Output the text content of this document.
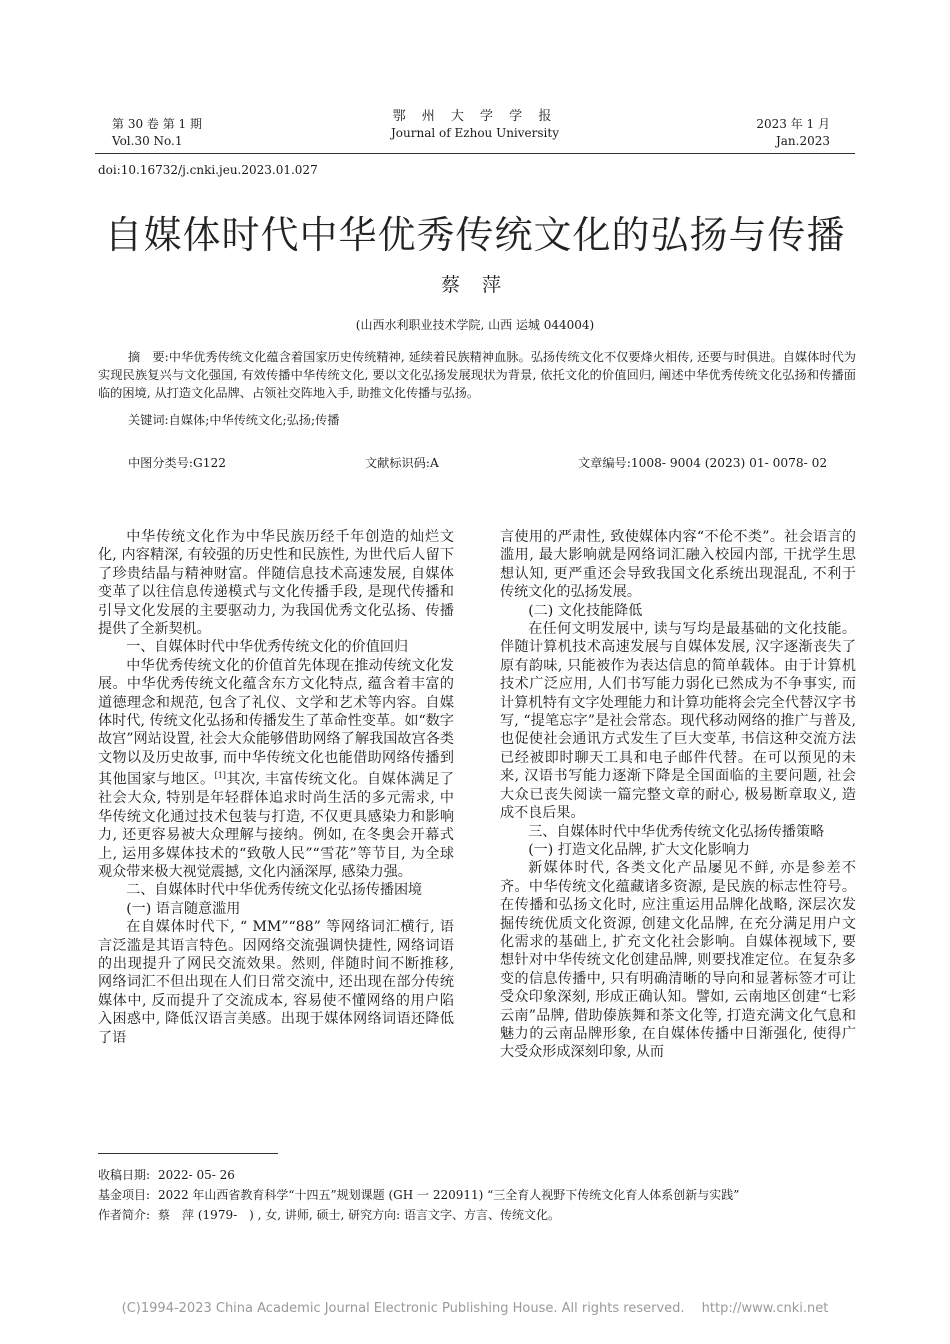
第 30 卷 第 1 期
Vol.30 No.1
鄂 州 大 学 学 报
Journal of Ezhou University
2023 年 1 月
Jan.2023
doi:10.16732/j.cnki.jeu.2023.01.027
自媒体时代中华优秀传统文化的弘扬与传播
蔡 萍
(山西水利职业技术学院, 山西 运城 044004)
摘　要:中华优秀传统文化蕴含着国家历史传统精神, 延续着民族精神血脉。弘扬传统文化不仅要烽火相传, 还要与时俱进。自媒体时代为实现民族复兴与文化强国, 有效传播中华传统文化, 要以文化弘扬发展现状为背景, 依托文化的价值回归, 阐述中华优秀传统文化弘扬和传播面临的困境, 从打造文化品牌、占领社交阵地入手, 助推文化传播与弘扬。
关键词:自媒体;中华传统文化;弘扬;传播
中图分类号:G122	文献标识码:A	文章编号:1008- 9004 (2023) 01- 0078- 02

中华传统文化作为中华民族历经千年创造的灿烂文化, 内容精深, 有较强的历史性和民族性, 为世代后人留下了珍贵结晶与精神财富。伴随信息技术高速发展, 自媒体变革了以往信息传递模式与文化传播手段, 是现代传播和引导文化发展的主要驱动力, 为我国优秀文化弘扬、传播提供了全新契机。

一、自媒体时代中华优秀传统文化的价值回归

中华优秀传统文化的价值首先体现在推动传统文化发展。中华优秀传统文化蕴含东方文化特点, 蕴含着丰富的道德理念和规范, 包含了礼仪、文学和艺术等内容。自媒体时代, 传统文化弘扬和传播发生了革命性变革。如“数字故宫”网站设置, 社会大众能够借助网络了解我国故宫各类文物以及历史故事, 而中华传统文化也能借助网络传播到其他国家与地区。[1]其次, 丰富传统文化。自媒体满足了社会大众, 特别是年轻群体追求时尚生活的多元需求, 中华传统文化通过技术包装与打造, 不仅更具感染力和影响力, 还更容易被大众理解与接纳。例如, 在冬奥会开幕式上, 运用多媒体技术的“致敬人民”“雪花”等节目, 为全球观众带来极大视觉震撼, 文化内涵深厚, 感染力强。

二、自媒体时代中华优秀传统文化弘扬传播困境

(一) 语言随意滥用

在自媒体时代下, “ MM”“88” 等网络词汇横行, 语言泛滥是其语言特色。因网络交流强调快捷性, 网络词语的出现提升了网民交流效果。然则, 伴随时间不断推移, 网络词汇不但出现在人们日常交流中, 还出现在部分传统媒体中, 反而提升了交流成本, 容易使不懂网络的用户陷入困惑中, 降低汉语言美感。出现于媒体网络词语还降低了语

言使用的严肃性, 致使媒体内容“不伦不类”。社会语言的滥用, 最大影响就是网络词汇融入校园内部, 干扰学生思想认知, 更严重还会导致我国文化系统出现混乱, 不利于传统文化的弘扬发展。

(二) 文化技能降低

在任何文明发展中, 读与写均是最基础的文化技能。伴随计算机技术高速发展与自媒体发展, 汉字逐渐丧失了原有韵味, 只能被作为表达信息的简单载体。由于计算机技术广泛应用, 人们书写能力弱化已然成为不争事实, 而计算机特有文字处理能力和计算功能将会完全代替汉字书写, “提笔忘字”是社会常态。现代移动网络的推广与普及, 也促使社会通讯方式发生了巨大变革, 书信这种交流方法已经被即时聊天工具和电子邮件代替。在可以预见的未来, 汉语书写能力逐渐下降是全国面临的主要问题, 社会大众已丧失阅读一篇完整文章的耐心, 极易断章取义, 造成不良后果。

三、自媒体时代中华优秀传统文化弘扬传播策略

(一) 打造文化品牌, 扩大文化影响力

新媒体时代, 各类文化产品屡见不鲜, 亦是参差不齐。中华传统文化蕴藏诸多资源, 是民族的标志性符号。在传播和弘扬文化时, 应注重运用品牌化战略, 深层次发掘传统优质文化资源, 创建文化品牌, 在充分满足用户文化需求的基础上, 扩充文化社会影响。自媒体视域下, 要想针对中华传统文化创建品牌, 则要找准定位。在复杂多变的信息传播中, 只有明确清晰的导向和显著标签才可让受众印象深刻, 形成正确认知。譬如, 云南地区创建“七彩云南”品牌, 借助傣族舞和茶文化等, 打造充满文化气息和魅力的云南品牌形象, 在自媒体传播中日渐强化, 使得广大受众形成深刻印象, 从而

收稿日期: 2022- 05- 26
基金项目: 2022 年山西省教育科学“十四五”规划课题 (GH 一 220911) “三全育人视野下传统文化育人体系创新与实践”
作者简介: 蔡　萍 (1979-　) , 女, 讲师, 硕士, 研究方向: 语言文字、方言、传统文化。
(C)1994-2023 China Academic Journal Electronic Publishing House. All rights reserved.　 http://www.cnki.net
